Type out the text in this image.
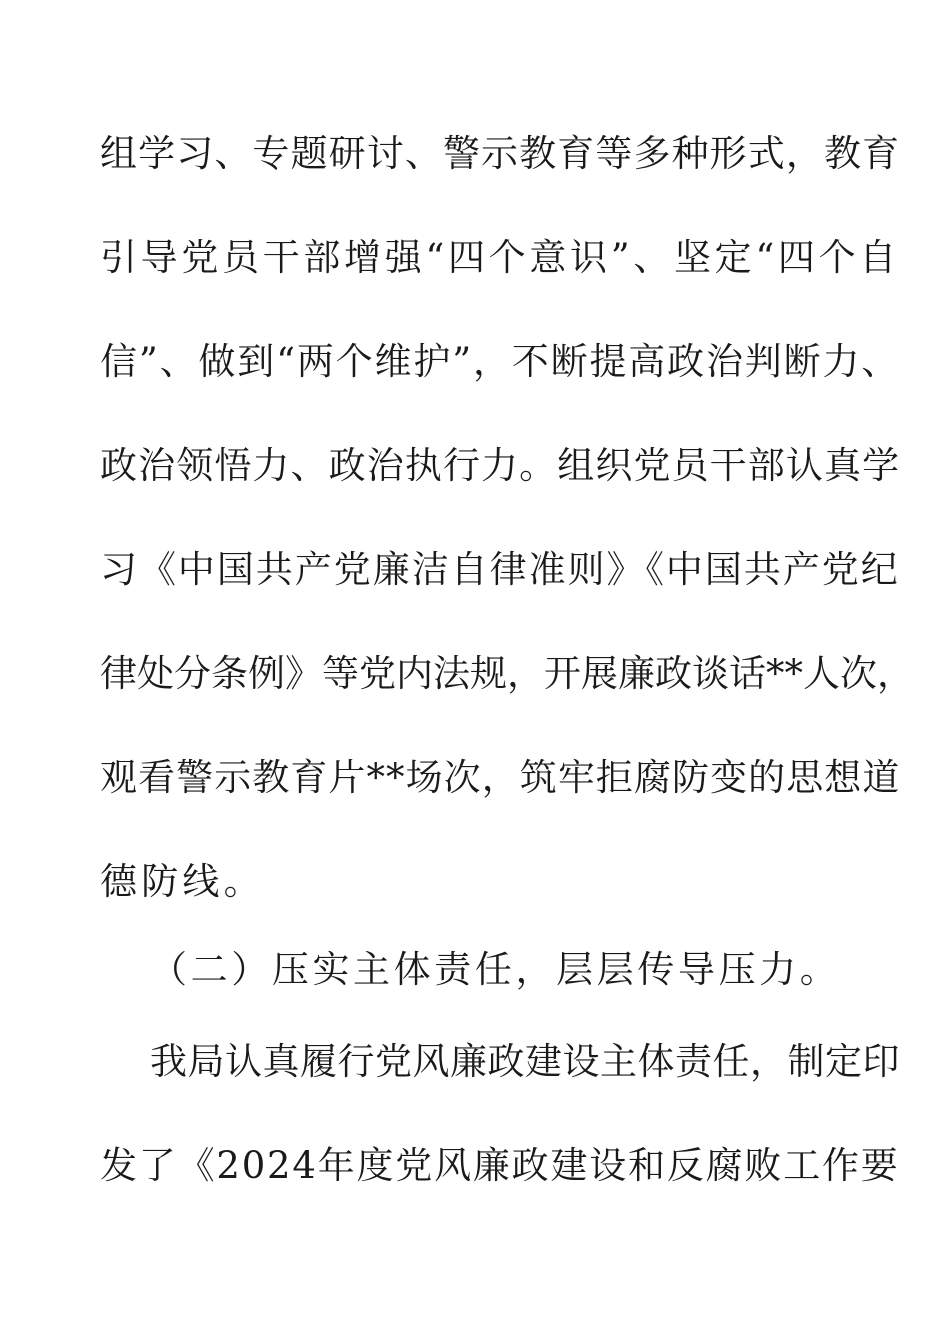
组学习、专题研讨、警示教育等多种形式，教育
引导党员干部增强“四个意识”、坚定“四个自
信”、做到“两个维护”，不断提高政治判断力、
政治领悟力、政治执行力。组织党员干部认真学
习《中国共产党廉洁自律准则》《中国共产党纪
律处分条例》等党内法规，开展廉政谈话**人次，
观看警示教育片**场次，筑牢拒腐防变的思想道
德防线。
（二）压实主体责任，层层传导压力。
我局认真履行党风廉政建设主体责任，制定印
发了《2024年度党风廉政建设和反腐败工作要
